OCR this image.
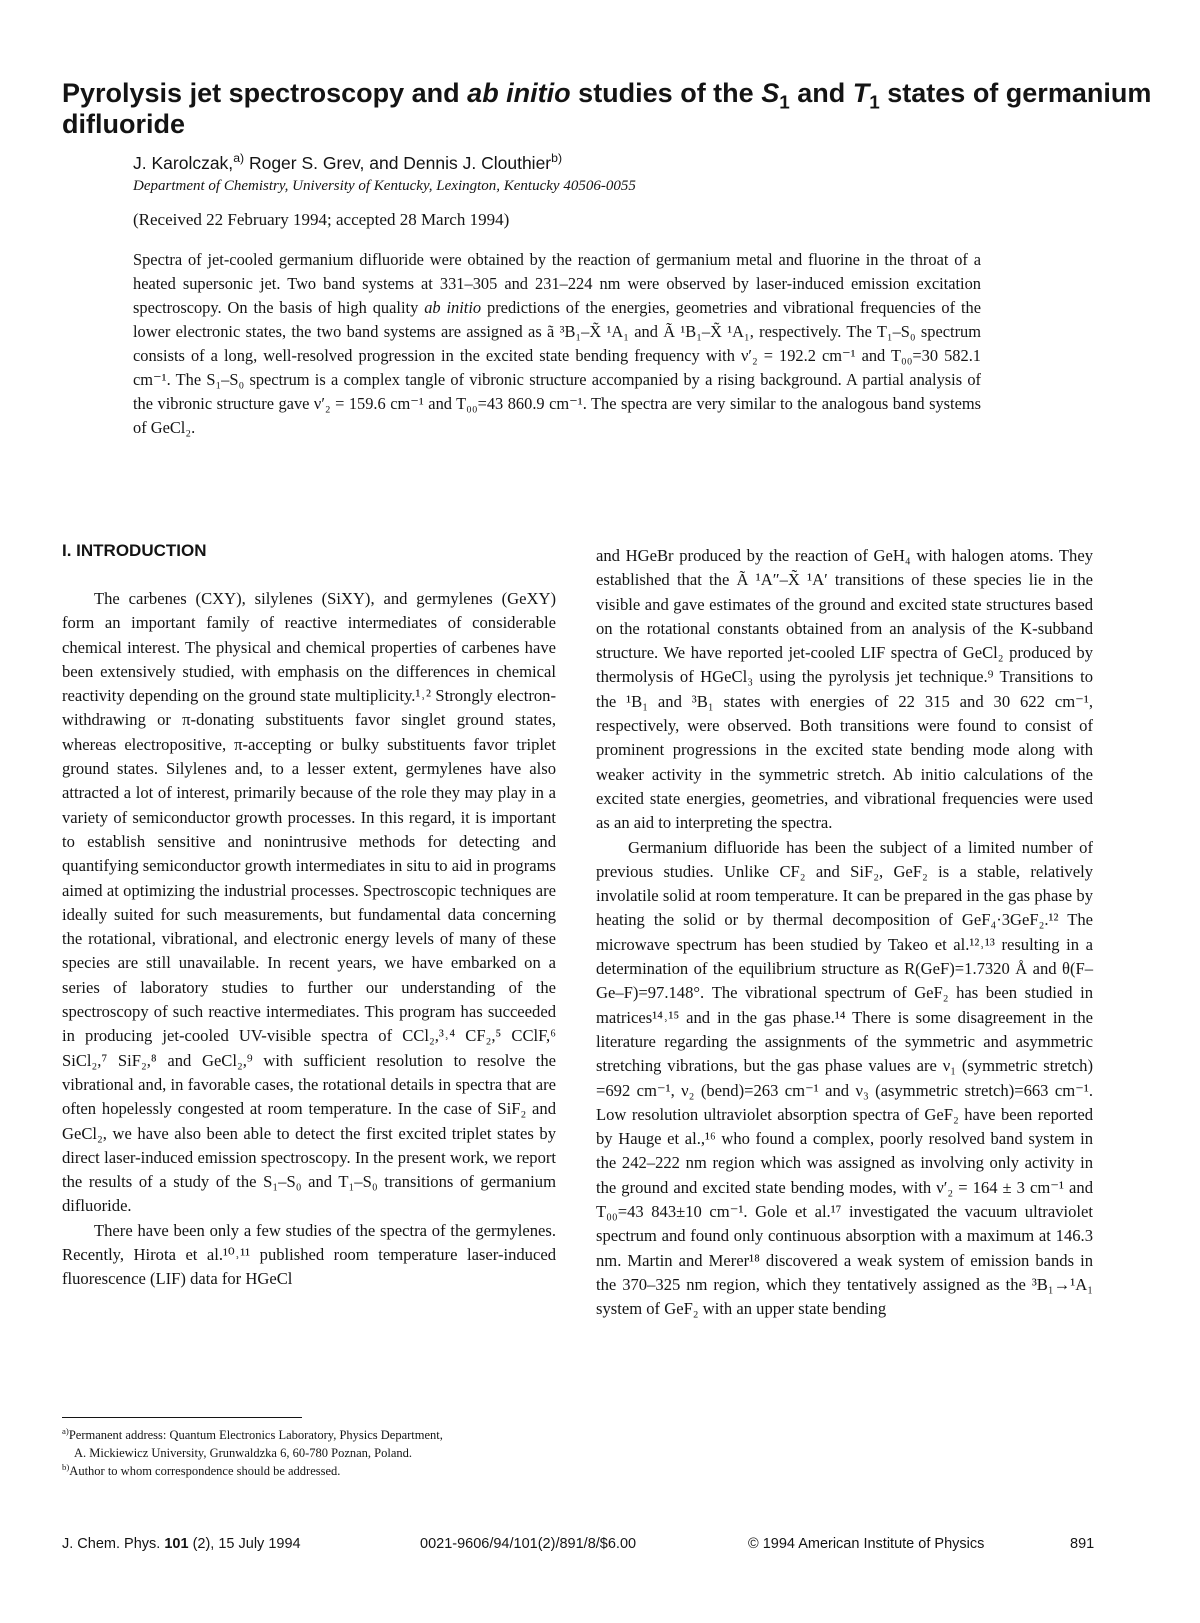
Pyrolysis jet spectroscopy and ab initio studies of the $S_1$ and $T_1$ states of germanium difluoride
J. Karolczak,$^{a)}$ Roger S. Grev, and Dennis J. Clouthier$^{b)}$
Department of Chemistry, University of Kentucky, Lexington, Kentucky 40506-0055
(Received 22 February 1994; accepted 28 March 1994)

Spectra of jet-cooled germanium difluoride were obtained by the reaction of germanium metal and fluorine in the throat of a heated supersonic jet. Two band systems at 331–305 and 231–224 nm were observed by laser-induced emission excitation spectroscopy. On the basis of high quality ab initio predictions of the energies, geometries and vibrational frequencies of the lower electronic states, the two band systems are assigned as ã ³B₁–X̃ ¹A₁ and Ã ¹B₁–X̃ ¹A₁, respectively. The T₁–S₀ spectrum consists of a long, well-resolved progression in the excited state bending frequency with ν′₂ = 192.2 cm⁻¹ and T₀₀=30 582.1 cm⁻¹. The S₁–S₀ spectrum is a complex tangle of vibronic structure accompanied by a rising background. A partial analysis of the vibronic structure gave ν′₂ = 159.6 cm⁻¹ and T₀₀=43 860.9 cm⁻¹. The spectra are very similar to the analogous band systems of GeCl₂.

I. INTRODUCTION

The carbenes (CXY), silylenes (SiXY), and germylenes (GeXY) form an important family of reactive intermediates of considerable chemical interest. The physical and chemical properties of carbenes have been extensively studied, with emphasis on the differences in chemical reactivity depending on the ground state multiplicity.¹˒² Strongly electron-withdrawing or π-donating substituents favor singlet ground states, whereas electropositive, π-accepting or bulky substituents favor triplet ground states. Silylenes and, to a lesser extent, germylenes have also attracted a lot of interest, primarily because of the role they may play in a variety of semiconductor growth processes. In this regard, it is important to establish sensitive and nonintrusive methods for detecting and quantifying semiconductor growth intermediates in situ to aid in programs aimed at optimizing the industrial processes. Spectroscopic techniques are ideally suited for such measurements, but fundamental data concerning the rotational, vibrational, and electronic energy levels of many of these species are still unavailable. In recent years, we have embarked on a series of laboratory studies to further our understanding of the spectroscopy of such reactive intermediates. This program has succeeded in producing jet-cooled UV-visible spectra of CCl₂,³˒⁴ CF₂,⁵ CClF,⁶ SiCl₂,⁷ SiF₂,⁸ and GeCl₂,⁹ with sufficient resolution to resolve the vibrational and, in favorable cases, the rotational details in spectra that are often hopelessly congested at room temperature. In the case of SiF₂ and GeCl₂, we have also been able to detect the first excited triplet states by direct laser-induced emission spectroscopy. In the present work, we report the results of a study of the S₁–S₀ and T₁–S₀ transitions of germanium difluoride.

There have been only a few studies of the spectra of the germylenes. Recently, Hirota et al.¹⁰˒¹¹ published room temperature laser-induced fluorescence (LIF) data for HGeCl

and HGeBr produced by the reaction of GeH₄ with halogen atoms. They established that the Ã ¹A″–X̃ ¹A′ transitions of these species lie in the visible and gave estimates of the ground and excited state structures based on the rotational constants obtained from an analysis of the K-subband structure. We have reported jet-cooled LIF spectra of GeCl₂ produced by thermolysis of HGeCl₃ using the pyrolysis jet technique.⁹ Transitions to the ¹B₁ and ³B₁ states with energies of 22 315 and 30 622 cm⁻¹, respectively, were observed. Both transitions were found to consist of prominent progressions in the excited state bending mode along with weaker activity in the symmetric stretch. Ab initio calculations of the excited state energies, geometries, and vibrational frequencies were used as an aid to interpreting the spectra.

Germanium difluoride has been the subject of a limited number of previous studies. Unlike CF₂ and SiF₂, GeF₂ is a stable, relatively involatile solid at room temperature. It can be prepared in the gas phase by heating the solid or by thermal decomposition of GeF₄·3GeF₂.¹² The microwave spectrum has been studied by Takeo et al.¹²˒¹³ resulting in a determination of the equilibrium structure as R(GeF)=1.7320 Å and θ(F–Ge–F)=97.148°. The vibrational spectrum of GeF₂ has been studied in matrices¹⁴˒¹⁵ and in the gas phase.¹⁴ There is some disagreement in the literature regarding the assignments of the symmetric and asymmetric stretching vibrations, but the gas phase values are ν₁ (symmetric stretch) =692 cm⁻¹, ν₂ (bend)=263 cm⁻¹ and ν₃ (asymmetric stretch)=663 cm⁻¹. Low resolution ultraviolet absorption spectra of GeF₂ have been reported by Hauge et al.,¹⁶ who found a complex, poorly resolved band system in the 242–222 nm region which was assigned as involving only activity in the ground and excited state bending modes, with ν′₂ = 164 ± 3 cm⁻¹ and T₀₀=43 843±10 cm⁻¹. Gole et al.¹⁷ investigated the vacuum ultraviolet spectrum and found only continuous absorption with a maximum at 146.3 nm. Martin and Merer¹⁸ discovered a weak system of emission bands in the 370–325 nm region, which they tentatively assigned as the ³B₁→¹A₁ system of GeF₂ with an upper state bending

$^{a)}$Permanent address: Quantum Electronics Laboratory, Physics Department,

A. Mickiewicz University, Grunwaldzka 6, 60-780 Poznan, Poland.

$^{b)}$Author to whom correspondence should be addressed.

J. Chem. Phys. 101 (2), 15 July 1994	0021-9606/94/101(2)/891/8/$6.00	© 1994 American Institute of Physics	891
